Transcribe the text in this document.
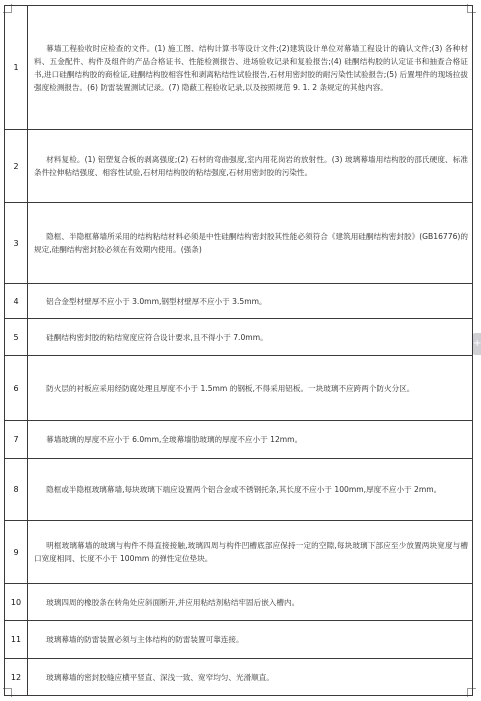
1	幕墙工程验收时应检查的文件。(1) 施工图、结构计算书等设计文件;(2)建筑设计单位对幕墙工程设计的确认文件;(3) 各种材料、五金配件、构件及组件的产品合格证书、性能检测报告、进场验收记录和复验报告;(4) 硅酮结构胶的认定证书和抽查合格证书,进口硅酮结构胶的商检证,硅酮结构胶相容性和剥离粘结性试验报告,石材用密封胶的耐污染性试验报告;(5) 后置埋件的现场拉拔强度检测报告。(6) 防雷装置测试记录。(7) 隐蔽工程验收记录,以及按照规范 9. 1. 2 条规定的其他内容。
2	材料复检。(1) 铝塑复合板的剥离强度;(2) 石材的弯曲强度,室内用花岗岩的放射性。(3) 玻璃幕墙用结构胶的邵氏硬度、标准条件拉伸粘结强度、相容性试验,石材用结构胶的粘结强度,石材用密封胶的污染性。
3	隐框、半隐框幕墙所采用的结构粘结材料必须是中性硅酮结构密封胶其性能必须符合《建筑用硅酮结构密封胶》(GB16776)的规定,硅酮结构密封胶必须在有效期内使用。(强条)
4	铝合金型材壁厚不应小于 3.0mm,钢型材壁厚不应小于 3.5mm。
5	硅酮结构密封胶的粘结宽度应符合设计要求,且不得小于 7.0mm。
6	防火层的衬板应采用经防腐处理且厚度不小于 1.5mm 的钢板,不得采用铝板。一块玻璃不应跨两个防火分区。
7	幕墙玻璃的厚度不应小于 6.0mm,全玻幕墙肋玻璃的厚度不应小于 12mm。
8	隐框或半隐框玻璃幕墙,每块玻璃下端应设置两个铝合金或不锈钢托条,其长度不应小于 100mm,厚度不应小于 2mm。
9	明框玻璃幕墙的玻璃与构件不得直接接触,玻璃四周与构件凹槽底部应保持一定的空隙,每块玻璃下部应至少放置两块宽度与槽口宽度相同、长度不小于 100mm 的弹性定位垫块。
10	玻璃四周的橡胶条在转角处应斜面断开,并应用粘结剂粘结牢固后嵌入槽内。
11	玻璃幕墙的防雷装置必须与主体结构的防雷装置可靠连接。
12	玻璃幕墙的密封胶缝应横平竖直、深浅一致、宽窄均匀、光滑顺直。
+
